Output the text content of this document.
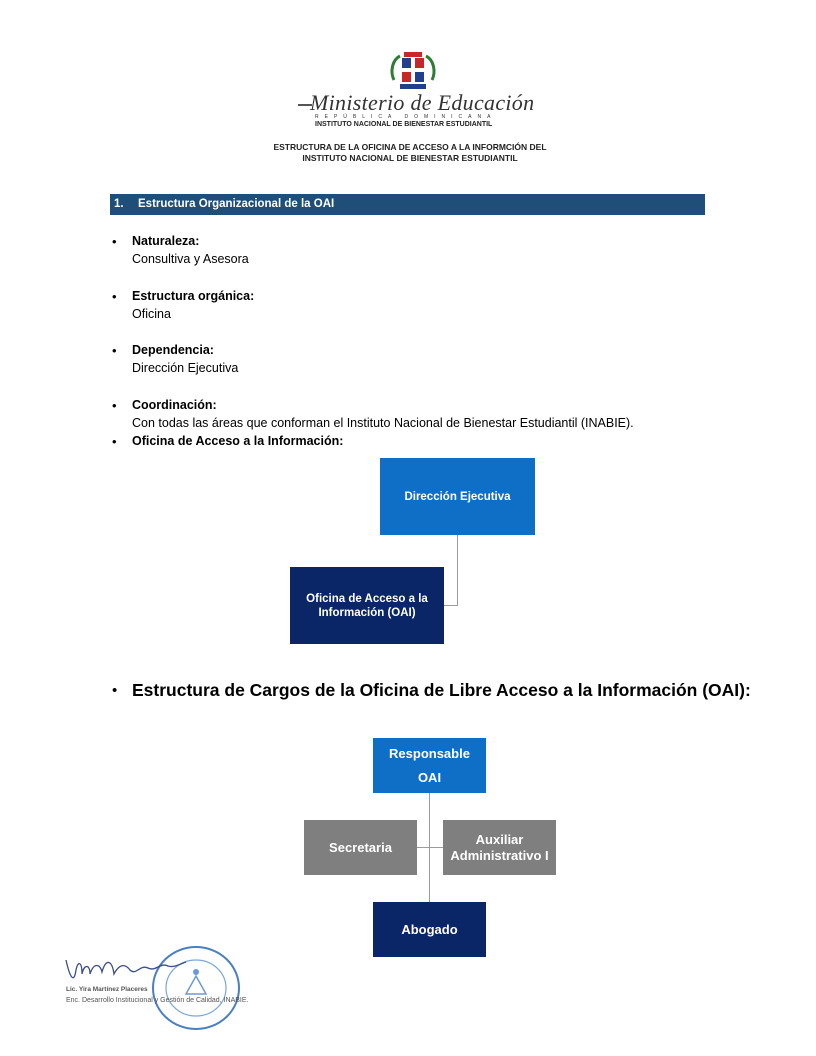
Ministerio de Educación
REPÚBLICA DOMINICANA
INSTITUTO NACIONAL DE BIENESTAR ESTUDIANTIL
ESTRUCTURA DE LA OFICINA DE ACCESO A LA INFORMCIÓN DEL
INSTITUTO NACIONAL DE BIENESTAR ESTUDIANTIL
1. Estructura Organizacional de la OAI
• Naturaleza:
Consultiva y Asesora
• Estructura orgánica:
Oficina
• Dependencia:
Dirección Ejecutiva
• Coordinación:
Con todas las áreas que conforman el Instituto Nacional de Bienestar Estudiantil (INABIE).
• Oficina de Acceso a la Información:
Dirección Ejecutiva
Oficina de Acceso a la Información (OAI)
• Estructura de Cargos de la Oficina de Libre Acceso a la Información (OAI):
Responsable
OAI
Secretaria
Auxiliar Administrativo I
Abogado
Lic. Yira Martínez Placeres
Enc. Desarrollo Institucional y Gestión de Calidad, INABIE.
